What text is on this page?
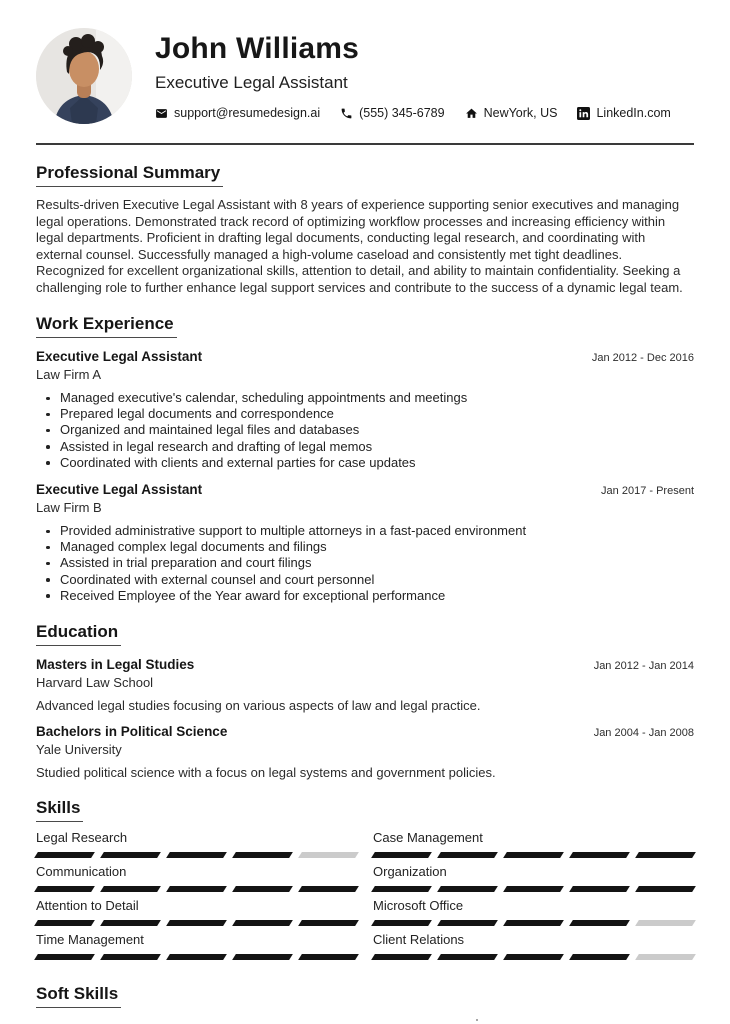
John Williams
Executive Legal Assistant
support@resumedesign.ai	(555) 345-6789	NewYork, US	LinkedIn.com
Professional Summary
Results-driven Executive Legal Assistant with 8 years of experience supporting senior executives and managing legal operations. Demonstrated track record of optimizing workflow processes and increasing efficiency within legal departments. Proficient in drafting legal documents, conducting legal research, and coordinating with external counsel. Successfully managed a high-volume caseload and consistently met tight deadlines. Recognized for excellent organizational skills, attention to detail, and ability to maintain confidentiality. Seeking a challenging role to further enhance legal support services and contribute to the success of a dynamic legal team.
Work Experience
Executive Legal Assistant	Jan 2012 - Dec 2016
Law Firm A
Managed executive's calendar, scheduling appointments and meetings
Prepared legal documents and correspondence
Organized and maintained legal files and databases
Assisted in legal research and drafting of legal memos
Coordinated with clients and external parties for case updates
Executive Legal Assistant	Jan 2017 - Present
Law Firm B
Provided administrative support to multiple attorneys in a fast-paced environment
Managed complex legal documents and filings
Assisted in trial preparation and court filings
Coordinated with external counsel and court personnel
Received Employee of the Year award for exceptional performance
Education
Masters in Legal Studies	Jan 2012 - Jan 2014
Harvard Law School
Advanced legal studies focusing on various aspects of law and legal practice.
Bachelors in Political Science	Jan 2004 - Jan 2008
Yale University
Studied political science with a focus on legal systems and government policies.
Skills
Legal Research	Case Management
Communication	Organization
Attention to Detail	Microsoft Office
Time Management	Client Relations
Soft Skills
